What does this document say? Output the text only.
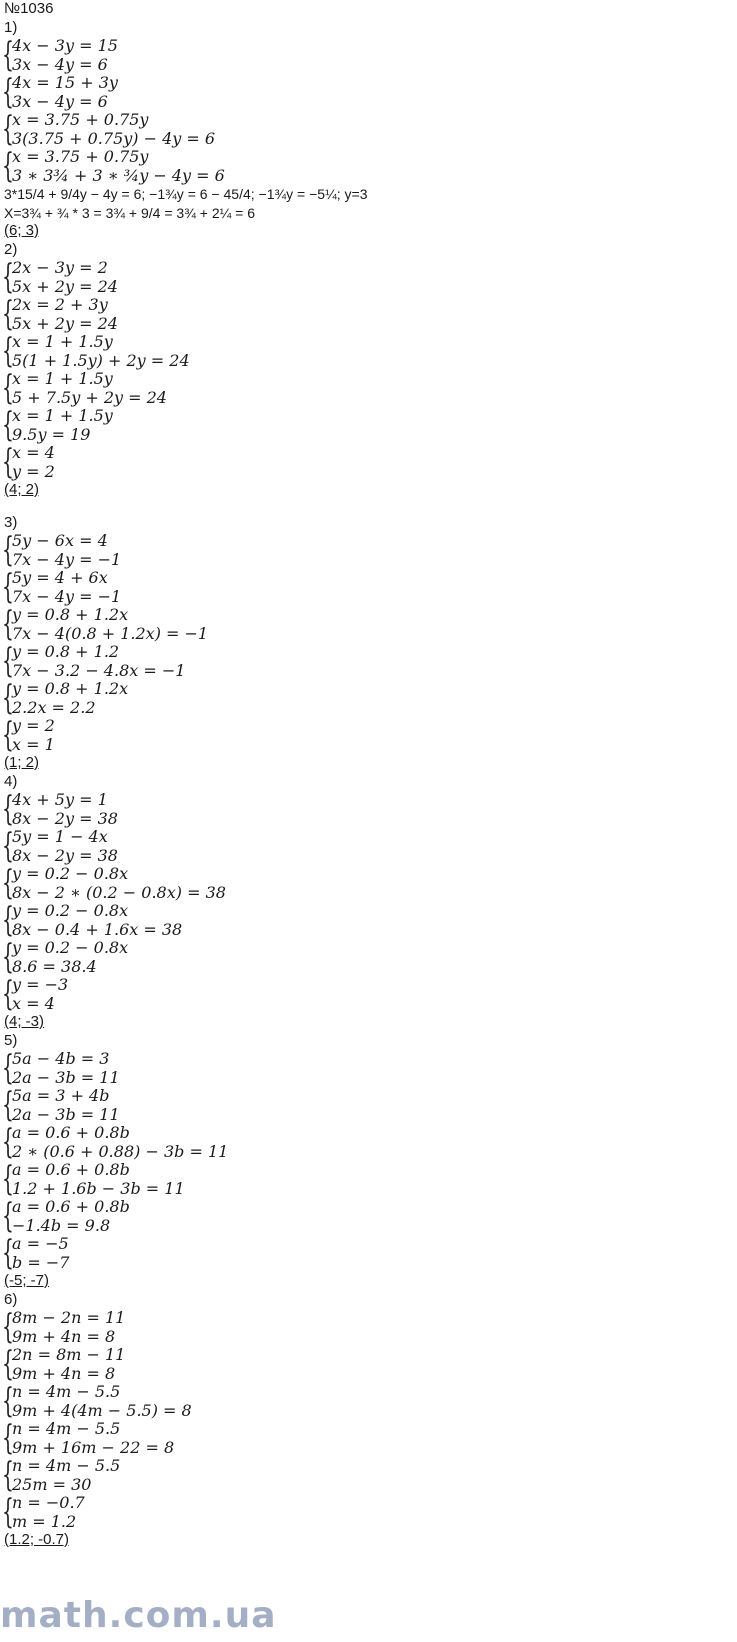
№1036
1)
{
4x − 3y = 15
3x − 4y = 6
{
4x = 15 + 3y
3x − 4y = 6
{
x = 3.75 + 0.75y
3(3.75 + 0.75y) − 4y = 6
{
x = 3.75 + 0.75y
3 ∗ 3¾ + 3 ∗ ¾y − 4y = 6
3*15/4 + 9/4y − 4y = 6; −1¾y = 6 − 45/4; −1¾y = −5¼; y=3
X=3¾ + ¾ * 3 = 3¾ + 9/4 = 3¾ + 2¼ = 6
(6; 3)
2)
{
2x − 3y = 2
5x + 2y = 24
{
2x = 2 + 3y
5x + 2y = 24
{
x = 1 + 1.5y
5(1 + 1.5y) + 2y = 24
{
x = 1 + 1.5y
5 + 7.5y + 2y = 24
{
x = 1 + 1.5y
9.5y = 19
{
x = 4
y = 2
(4; 2)
3)
{
5y − 6x = 4
7x − 4y = −1
{
5y = 4 + 6x
7x − 4y = −1
{
y = 0.8 + 1.2x
7x − 4(0.8 + 1.2x) = −1
{
y = 0.8 + 1.2
7x − 3.2 − 4.8x = −1
{
y = 0.8 + 1.2x
2.2x = 2.2
{
y = 2
x = 1
(1; 2)
4)
{
4x + 5y = 1
8x − 2y = 38
{
5y = 1 − 4x
8x − 2y = 38
{
y = 0.2 − 0.8x
8x − 2 ∗ (0.2 − 0.8x) = 38
{
y = 0.2 − 0.8x
8x − 0.4 + 1.6x = 38
{
y = 0.2 − 0.8x
8.6 = 38.4
{
y = −3
x = 4
(4; -3)
5)
{
5a − 4b = 3
2a − 3b = 11
{
5a = 3 + 4b
2a − 3b = 11
{
a = 0.6 + 0.8b
2 ∗ (0.6 + 0.88) − 3b = 11
{
a = 0.6 + 0.8b
1.2 + 1.6b − 3b = 11
{
a = 0.6 + 0.8b
−1.4b = 9.8
{
a = −5
b = −7
(-5; -7)
6)
{
8m − 2n = 11
9m + 4n = 8
{
2n = 8m − 11
9m + 4n = 8
{
n = 4m − 5.5
9m + 4(4m − 5.5) = 8
{
n = 4m − 5.5
9m + 16m − 22 = 8
{
n = 4m − 5.5
25m = 30
{
n = −0.7
m = 1.2
(1.2; -0.7)
math.com.ua
